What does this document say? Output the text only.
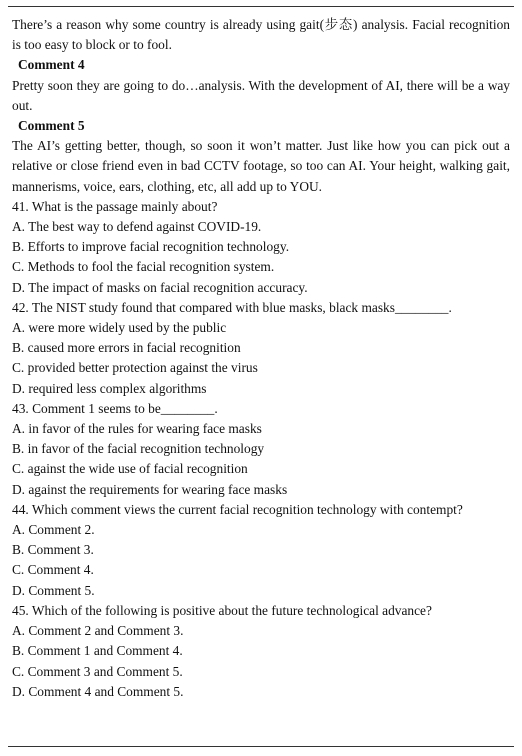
There’s a reason why some country is already using gait(步态) analysis. Facial recognition is too easy to block or to fool.

Comment 4

Pretty soon they are going to do…analysis. With the development of AI, there will be a way out.

Comment 5

The AI’s getting better, though, so soon it won’t matter. Just like how you can pick out a relative or close friend even in bad CCTV footage, so too can AI. Your height, walking gait, mannerisms, voice, ears, clothing, etc, all add up to YOU.

41. What is the passage mainly about?

A. The best way to defend against COVID-19.

B. Efforts to improve facial recognition technology.

C. Methods to fool the facial recognition system.

D. The impact of masks on facial recognition accuracy.

42. The NIST study found that compared with blue masks, black masks________.

A. were more widely used by the public

B. caused more errors in facial recognition

C. provided better protection against the virus

D. required less complex algorithms

43. Comment 1 seems to be________.

A. in favor of the rules for wearing face masks

B. in favor of the facial recognition technology

C. against the wide use of facial recognition

D. against the requirements for wearing face masks

44. Which comment views the current facial recognition technology with contempt?

A. Comment 2.

B. Comment 3.

C. Comment 4.

D. Comment 5.

45. Which of the following is positive about the future technological advance?

A. Comment 2 and Comment 3.

B. Comment 1 and Comment 4.

C. Comment 3 and Comment 5.

D. Comment 4 and Comment 5.
